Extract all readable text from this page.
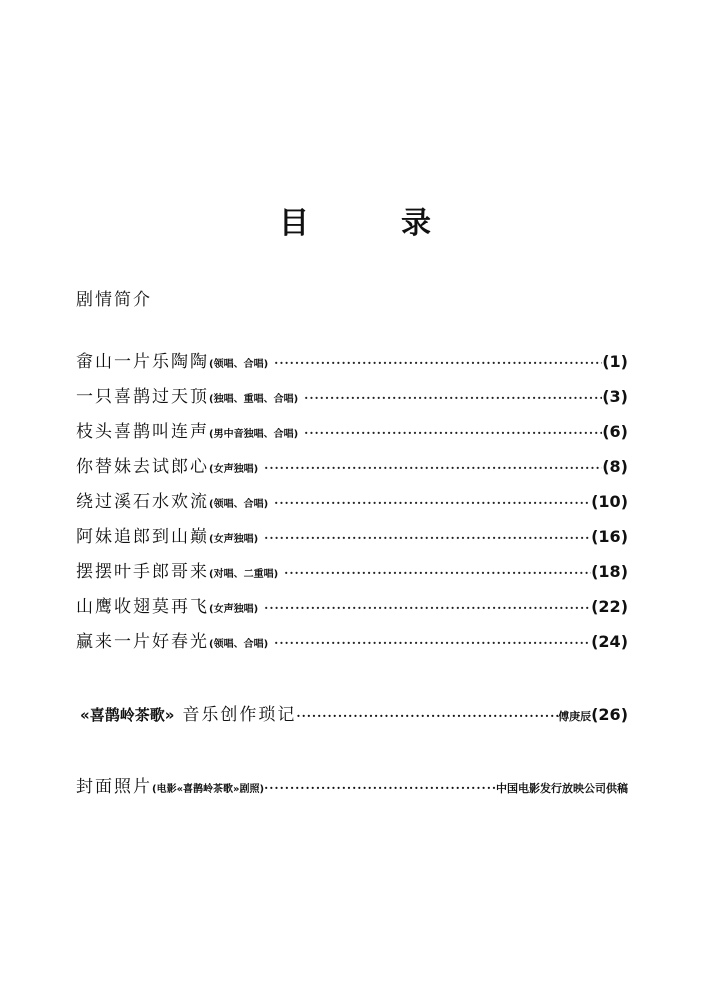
目	录
剧情简介
畲山一片乐陶陶 (领唱、合唱) ·····	(1)
一只喜鹊过天顶 (独唱、重唱、合唱) ·····	(3)
枝头喜鹊叫连声 (男中音独唱、合唱) ·····	(6)
你替妹去试郎心 (女声独唱) ·····	(8)
绕过溪石水欢流 (领唱、合唱) ·····	(10)
阿妹追郎到山巅 (女声独唱) ·····	(16)
摆摆叶手郎哥来 (对唱、二重唱) ·····	(18)
山鹰收翅莫再飞 (女声独唱) ·····	(22)
赢来一片好春光 (领唱、合唱) ·····	(24)
«喜鹊岭茶歌» 音乐创作琐记 ·····	傅庚辰 (26)
封面照片 (电影«喜鹊岭茶歌»剧照) ·····	中国电影发行放映公司供稿
